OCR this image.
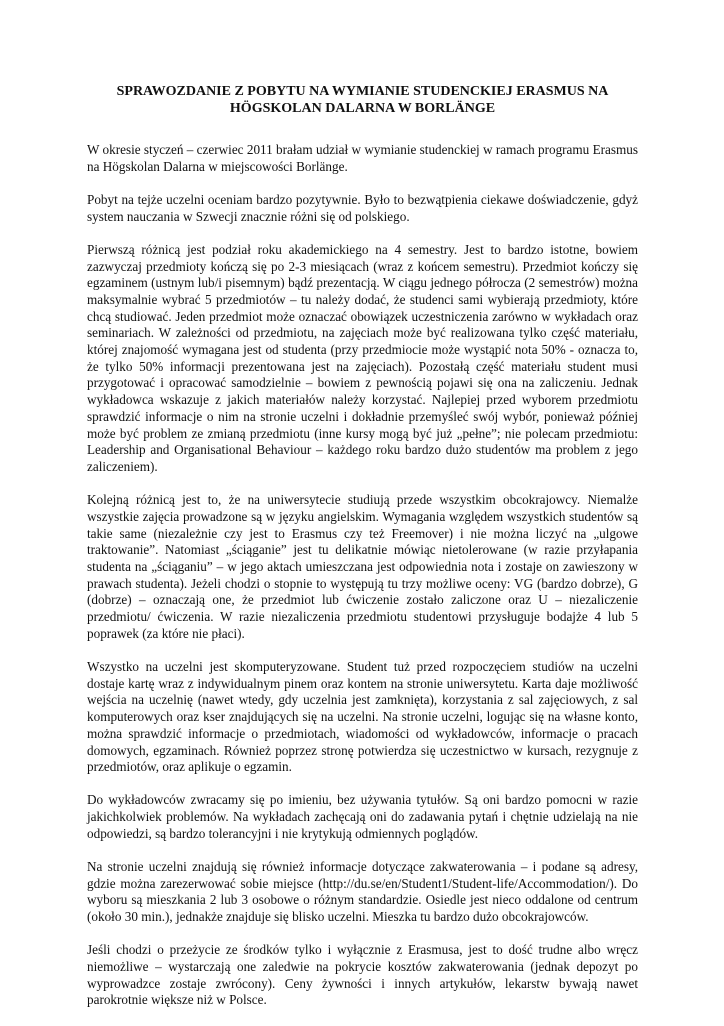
SPRAWOZDANIE Z POBYTU NA WYMIANIE STUDENCKIEJ ERASMUS NA
HÖGSKOLAN DALARNA W BORLÄNGE

W okresie styczeń – czerwiec 2011 brałam udział w wymianie studenckiej w ramach programu Erasmus na Högskolan Dalarna w miejscowości Borlänge.

Pobyt na tejże uczelni oceniam bardzo pozytywnie. Było to bezwątpienia ciekawe doświadczenie, gdyż system nauczania w Szwecji znacznie różni się od polskiego.

Pierwszą różnicą jest podział roku akademickiego na 4 semestry. Jest to bardzo istotne, bowiem zazwyczaj przedmioty kończą się po 2-3 miesiącach (wraz z końcem semestru). Przedmiot kończy się egzaminem (ustnym lub/i pisemnym) bądź prezentacją. W ciągu jednego półrocza (2 semestrów) można maksymalnie wybrać 5 przedmiotów – tu należy dodać, że studenci sami wybierają przedmioty, które chcą studiować. Jeden przedmiot może oznaczać obowiązek uczestniczenia zarówno w wykładach oraz seminariach. W zależności od przedmiotu, na zajęciach może być realizowana tylko część materiału, której znajomość wymagana jest od studenta (przy przedmiocie może wystąpić nota 50% - oznacza to, że tylko 50% informacji prezentowana jest na zajęciach). Pozostałą część materiału student musi przygotować i opracować samodzielnie – bowiem z pewnością pojawi się ona na zaliczeniu. Jednak wykładowca wskazuje z jakich materiałów należy korzystać. Najlepiej przed wyborem przedmiotu sprawdzić informacje o nim na stronie uczelni i dokładnie przemyśleć swój wybór, ponieważ później może być problem ze zmianą przedmiotu (inne kursy mogą być już „pełne”; nie polecam przedmiotu: Leadership and Organisational Behaviour – każdego roku bardzo dużo studentów ma problem z jego zaliczeniem).

Kolejną różnicą jest to, że na uniwersytecie studiują przede wszystkim obcokrajowcy. Niemalże wszystkie zajęcia prowadzone są w języku angielskim. Wymagania względem wszystkich studentów są takie same (niezależnie czy jest to Erasmus czy też Freemover) i nie można liczyć na „ulgowe traktowanie”. Natomiast „ściąganie” jest tu delikatnie mówiąc nietolerowane (w razie przyłapania studenta na „ściąganiu” – w jego aktach umieszczana jest odpowiednia nota i zostaje on zawieszony w prawach studenta). Jeżeli chodzi o stopnie to występują tu trzy możliwe oceny: VG (bardzo dobrze), G (dobrze) – oznaczają one, że przedmiot lub ćwiczenie zostało zaliczone oraz U – niezaliczenie przedmiotu/ ćwiczenia. W razie niezaliczenia przedmiotu studentowi przysługuje bodajże 4 lub 5 poprawek (za które nie płaci).

Wszystko na uczelni jest skomputeryzowane. Student tuż przed rozpoczęciem studiów na uczelni dostaje kartę wraz z indywidualnym pinem oraz kontem na stronie uniwersytetu. Karta daje możliwość wejścia na uczelnię (nawet wtedy, gdy uczelnia jest zamknięta), korzystania z sal zajęciowych, z sal komputerowych oraz kser znajdujących się na uczelni. Na stronie uczelni, logując się na własne konto, można sprawdzić informacje o przedmiotach, wiadomości od wykładowców, informacje o pracach domowych, egzaminach. Również poprzez stronę potwierdza się uczestnictwo w kursach, rezygnuje z przedmiotów, oraz aplikuje o egzamin.

Do wykładowców zwracamy się po imieniu, bez używania tytułów. Są oni bardzo pomocni w razie jakichkolwiek problemów. Na wykładach zachęcają oni do zadawania pytań i chętnie udzielają na nie odpowiedzi, są bardzo tolerancyjni i nie krytykują odmiennych poglądów.

Na stronie uczelni znajdują się również informacje dotyczące zakwaterowania – i podane są adresy, gdzie można zarezerwować sobie miejsce (http://du.se/en/Student1/Student-life/Accommodation/). Do wyboru są mieszkania 2 lub 3 osobowe o różnym standardzie. Osiedle jest nieco oddalone od centrum (około 30 min.), jednakże znajduje się blisko uczelni. Mieszka tu bardzo dużo obcokrajowców.

Jeśli chodzi o przeżycie ze środków tylko i wyłącznie z Erasmusa, jest to dość trudne albo wręcz niemożliwe – wystarczają one zaledwie na pokrycie kosztów zakwaterowania (jednak depozyt po wyprowadzce zostaje zwrócony). Ceny żywności i innych artykułów, lekarstw bywają nawet parokrotnie większe niż w Polsce.
